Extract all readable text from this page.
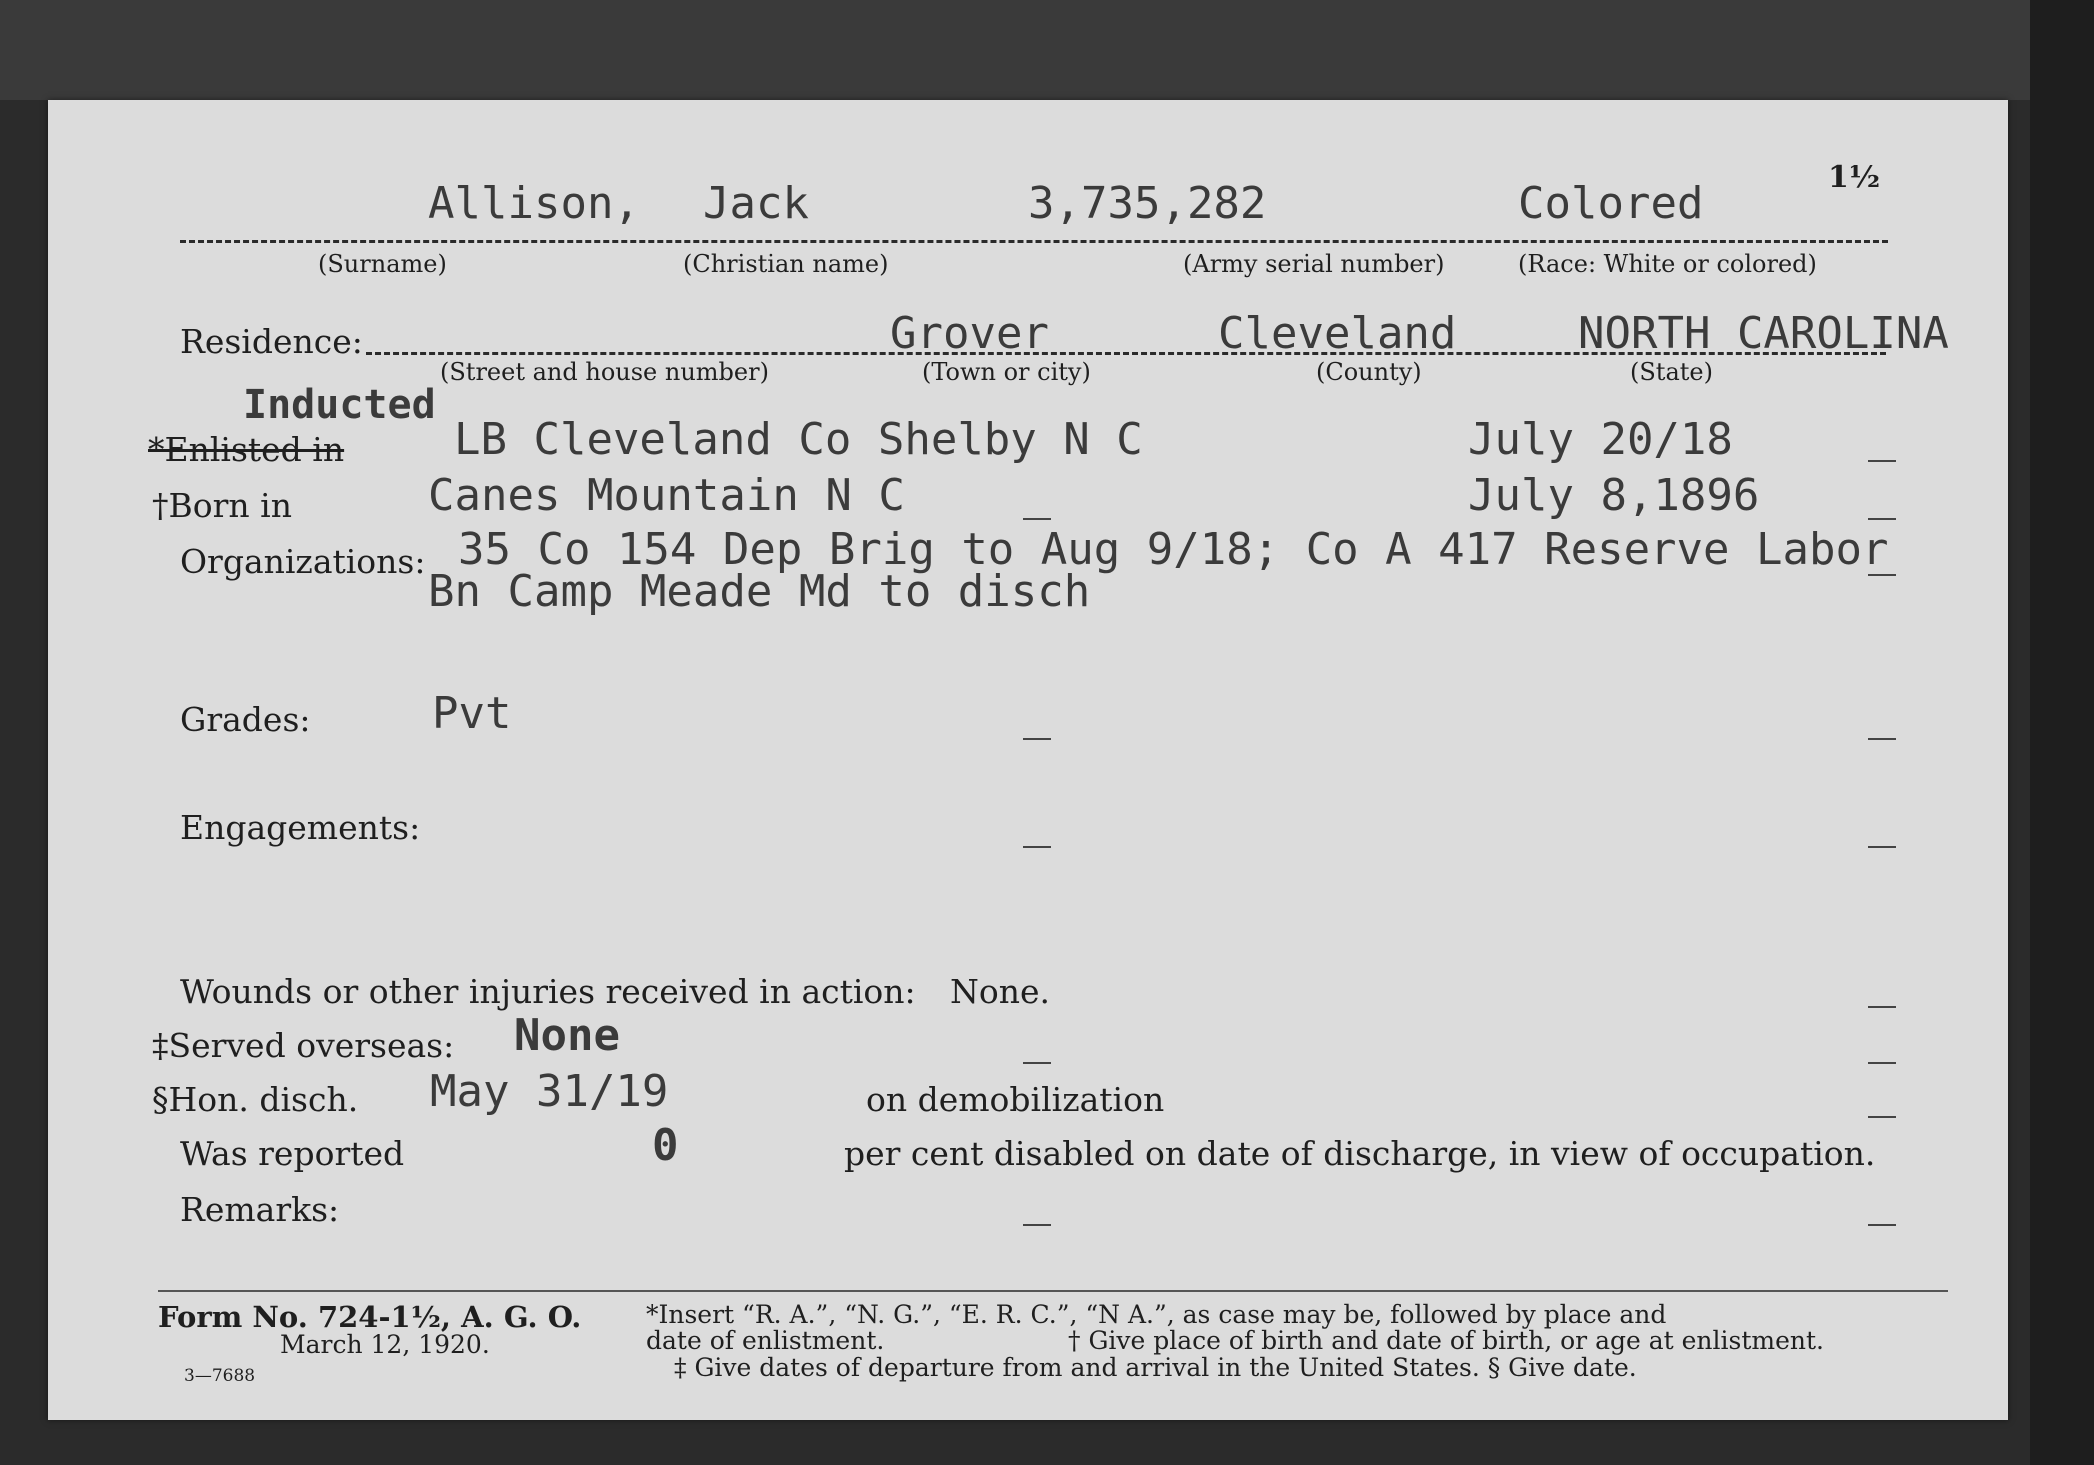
1½
Allison, Jack	3,735,282	Colored
(Surname)	(Christian name)	(Army serial number)	(Race: White or colored)
Residence:	Grover	Cleveland	NORTH CAROLINA
(Street and house number)	(Town or city)	(County)	(State)
Inducted
*Enlisted in LB Cleveland Co Shelby N C	July 20/18
†Born in	Canes Mountain N C	July 8,1896
Organizations: 35 Co 154 Dep Brig to Aug 9/18; Co A 417 Reserve Labor
Bn Camp Meade Md to disch
Grades:	Pvt
Engagements:
Wounds or other injuries received in action: None.
‡Served overseas: None
§Hon. disch. May 31/19	on demobilization
Was reported	0	per cent disabled on date of discharge, in view of occupation.
Remarks:
Form No. 724-1½, A. G. O.
March 12, 1920.
3—7688
*Insert “R. A.”, “N. G.”, “E. R. C.”, “N A.”, as case may be, followed by place and
date of enlistment.	† Give place of birth and date of birth, or age at enlistment.
‡ Give dates of departure from and arrival in the United States. § Give date.
